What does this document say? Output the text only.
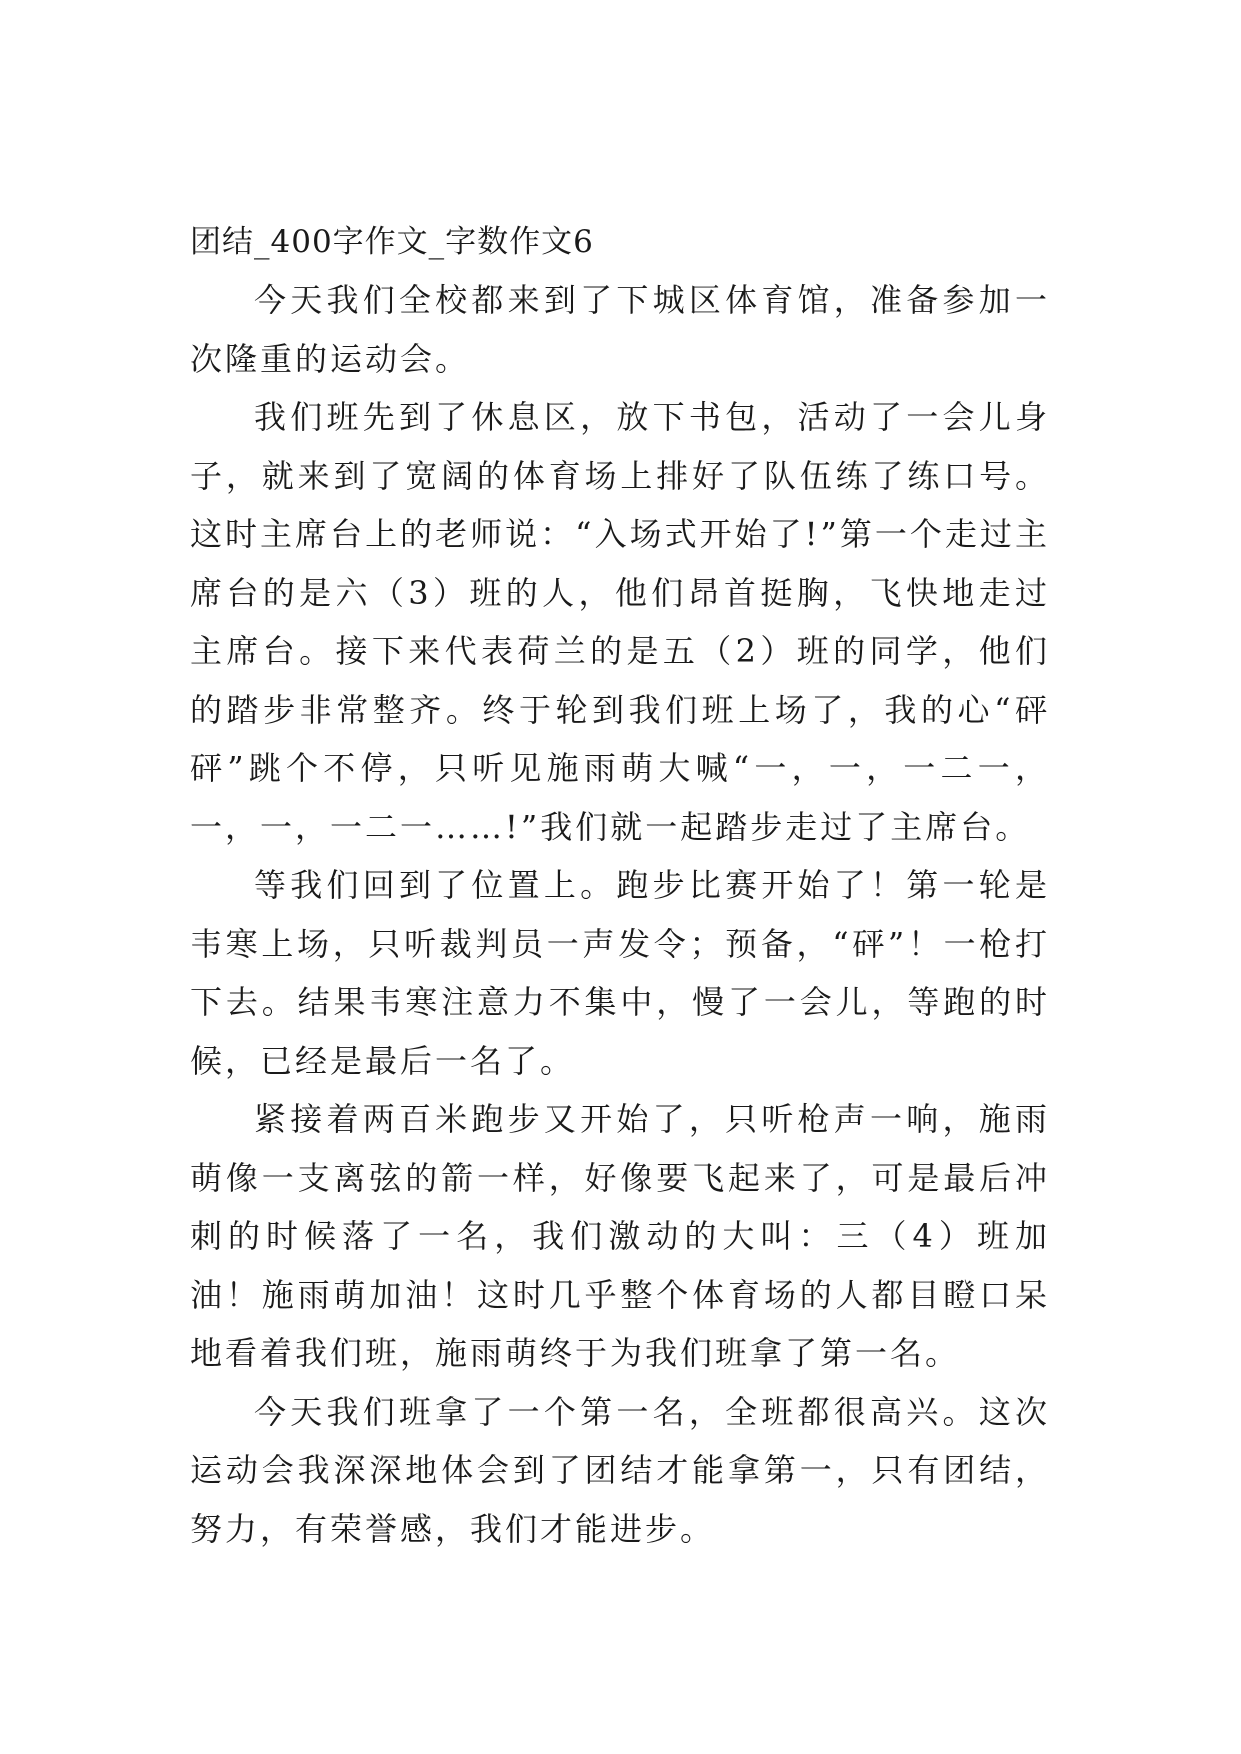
团结_400字作文_字数作文6

今天我们全校都来到了下城区体育馆，准备参加一次隆重的运动会。

我们班先到了休息区，放下书包，活动了一会儿身子，就来到了宽阔的体育场上排好了队伍练了练口号。这时主席台上的老师说：“入场式开始了!”第一个走过主席台的是六（3）班的人，他们昂首挺胸，飞快地走过主席台。接下来代表荷兰的是五（2）班的同学，他们的踏步非常整齐。终于轮到我们班上场了，我的心“砰砰”跳个不停，只听见施雨萌大喊“一，一，一二一，一，一，一二一……!”我们就一起踏步走过了主席台。

等我们回到了位置上。跑步比赛开始了！第一轮是韦寒上场，只听裁判员一声发令；预备，“砰”！一枪打下去。结果韦寒注意力不集中，慢了一会儿，等跑的时候，已经是最后一名了。

紧接着两百米跑步又开始了，只听枪声一响，施雨萌像一支离弦的箭一样，好像要飞起来了，可是最后冲刺的时候落了一名，我们激动的大叫：三（4）班加油！施雨萌加油！这时几乎整个体育场的人都目瞪口呆地看着我们班，施雨萌终于为我们班拿了第一名。

今天我们班拿了一个第一名，全班都很高兴。这次运动会我深深地体会到了团结才能拿第一，只有团结，努力，有荣誉感，我们才能进步。
